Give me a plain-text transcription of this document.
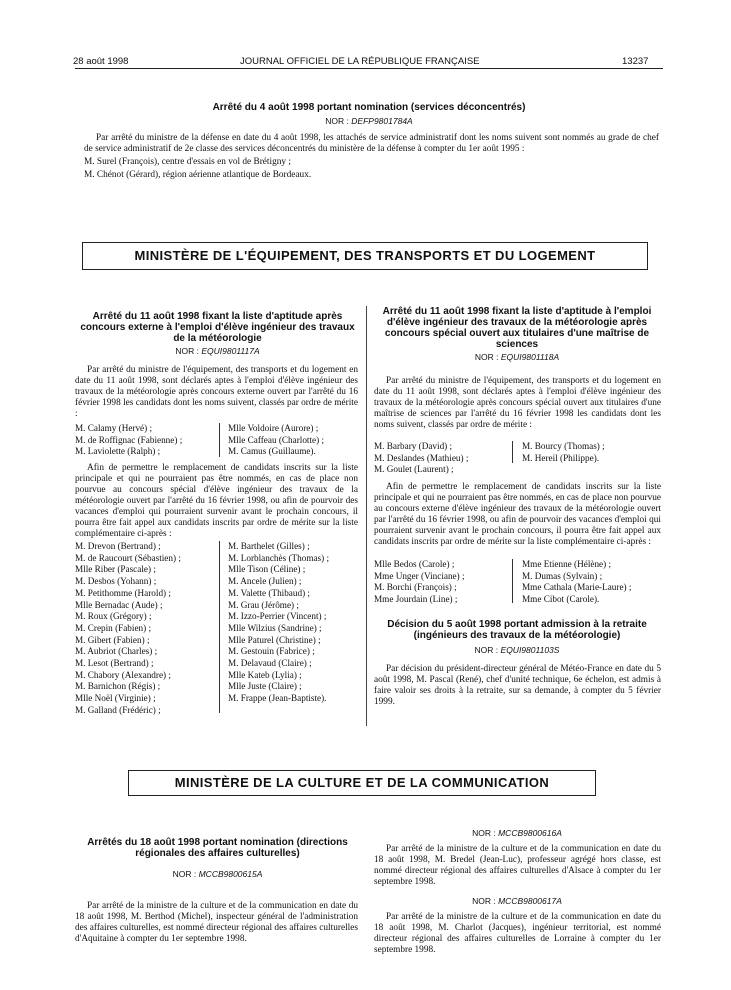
28 août 1998	JOURNAL OFFICIEL DE LA RÉPUBLIQUE FRANÇAISE	13237
Arrêté du 4 août 1998 portant nomination (services déconcentrés)
NOR : DEFP9801784A

Par arrêté du ministre de la défense en date du 4 août 1998, les attachés de service administratif dont les noms suivent sont nommés au grade de chef de service administratif de 2e classe des services déconcentrés du ministère de la défense à compter du 1er août 1995 :

M. Surel (François), centre d'essais en vol de Brétigny ;

M. Chénot (Gérard), région aérienne atlantique de Bordeaux.

MINISTÈRE DE L'ÉQUIPEMENT, DES TRANSPORTS ET DU LOGEMENT
Arrêté du 11 août 1998 fixant la liste d'aptitude après concours externe à l'emploi d'élève ingénieur des travaux de la météorologie
NOR : EQUI9801117A

Par arrêté du ministre de l'équipement, des transports et du logement en date du 11 août 1998, sont déclarés aptes à l'emploi d'élève ingénieur des travaux de la météorologie après concours externe ouvert par l'arrêté du 16 février 1998 les candidats dont les noms suivent, classés par ordre de mérite :

M. Calamy (Hervé) ;
M. de Roffignac (Fabienne) ;
M. Laviolette (Ralph) ;
Mlle Voldoire (Aurore) ;
Mlle Caffeau (Charlotte) ;
M. Camus (Guillaume).

Afin de permettre le remplacement de candidats inscrits sur la liste principale et qui ne pourraient pas être nommés, en cas de place non pourvue au concours spécial d'élève ingénieur des travaux de la météorologie ouvert par l'arrêté du 16 février 1998, ou afin de pourvoir des vacances d'emploi qui pourraient survenir avant le prochain concours, il pourra être fait appel aux candidats inscrits par ordre de mérite sur la liste complémentaire ci-après :

M. Drevon (Bertrand) ;
M. de Raucourt (Sébastien) ;
Mlle Riber (Pascale) ;
M. Desbos (Yohann) ;
M. Petithomme (Harold) ;
Mlle Bernadac (Aude) ;
M. Roux (Grégory) ;
M. Crepin (Fabien) ;
M. Gibert (Fabien) ;
M. Aubriot (Charles) ;
M. Lesot (Bertrand) ;
M. Chabory (Alexandre) ;
M. Barnichon (Régis) ;
Mlle Noël (Virginie) ;
M. Galland (Frédéric) ;
M. Barthelet (Gilles) ;
M. Lorblanchès (Thomas) ;
Mlle Tison (Céline) ;
M. Ancele (Julien) ;
M. Valette (Thibaud) ;
M. Grau (Jérôme) ;
M. Izzo-Perrier (Vincent) ;
Mlle Wilzius (Sandrine) ;
Mlle Paturel (Christine) ;
M. Gestouin (Fabrice) ;
M. Delavaud (Claire) ;
Mlle Kateb (Lylia) ;
Mlle Juste (Claire) ;
M. Frappe (Jean-Baptiste).
Arrêté du 11 août 1998 fixant la liste d'aptitude à l'emploi d'élève ingénieur des travaux de la météorologie après concours spécial ouvert aux titulaires d'une maîtrise de sciences
NOR : EQUI9801118A

Par arrêté du ministre de l'équipement, des transports et du logement en date du 11 août 1998, sont déclarés aptes à l'emploi d'élève ingénieur des travaux de la météorologie après concours spécial ouvert aux titulaires d'une maîtrise de sciences par l'arrêté du 16 février 1998 les candidats dont les noms suivent, classés par ordre de mérite :

M. Barbary (David) ;
M. Deslandes (Mathieu) ;
M. Goulet (Laurent) ;
M. Bourcy (Thomas) ;
M. Hereil (Philippe).

Afin de permettre le remplacement de candidats inscrits sur la liste principale et qui ne pourraient pas être nommés, en cas de place non pourvue au concours externe d'élève ingénieur des travaux de la météorologie ouvert par l'arrêté du 16 février 1998, ou afin de pourvoir des vacances d'emploi qui pourraient survenir avant le prochain concours, il pourra être fait appel aux candidats inscrits par ordre de mérite sur la liste complémentaire ci-après :

Mlle Bedos (Carole) ;
Mme Unger (Vinciane) ;
M. Borchi (François) ;
Mme Jourdain (Line) ;
Mme Etienne (Hélène) ;
M. Dumas (Sylvain) ;
Mme Cathala (Marie-Laure) ;
Mme Cibot (Carole).
Décision du 5 août 1998 portant admission à la retraite (ingénieurs des travaux de la météorologie)
NOR : EQUI9801103S

Par décision du président-directeur général de Météo-France en date du 5 août 1998, M. Pascal (René), chef d'unité technique, 6e échelon, est admis à faire valoir ses droits à la retraite, sur sa demande, à compter du 5 février 1999.

MINISTÈRE DE LA CULTURE ET DE LA COMMUNICATION
Arrêtés du 18 août 1998 portant nomination (directions régionales des affaires culturelles)
NOR : MCCB9800615A

Par arrêté de la ministre de la culture et de la communication en date du 18 août 1998, M. Berthod (Michel), inspecteur général de l'administration des affaires culturelles, est nommé directeur régional des affaires culturelles d'Aquitaine à compter du 1er septembre 1998.

NOR : MCCB9800616A

Par arrêté de la ministre de la culture et de la communication en date du 18 août 1998, M. Bredel (Jean-Luc), professeur agrégé hors classe, est nommé directeur régional des affaires culturelles d'Alsace à compter du 1er septembre 1998.

NOR : MCCB9800617A

Par arrêté de la ministre de la culture et de la communication en date du 18 août 1998, M. Charlot (Jacques), ingénieur territorial, est nommé directeur régional des affaires culturelles de Lorraine à compter du 1er septembre 1998.
